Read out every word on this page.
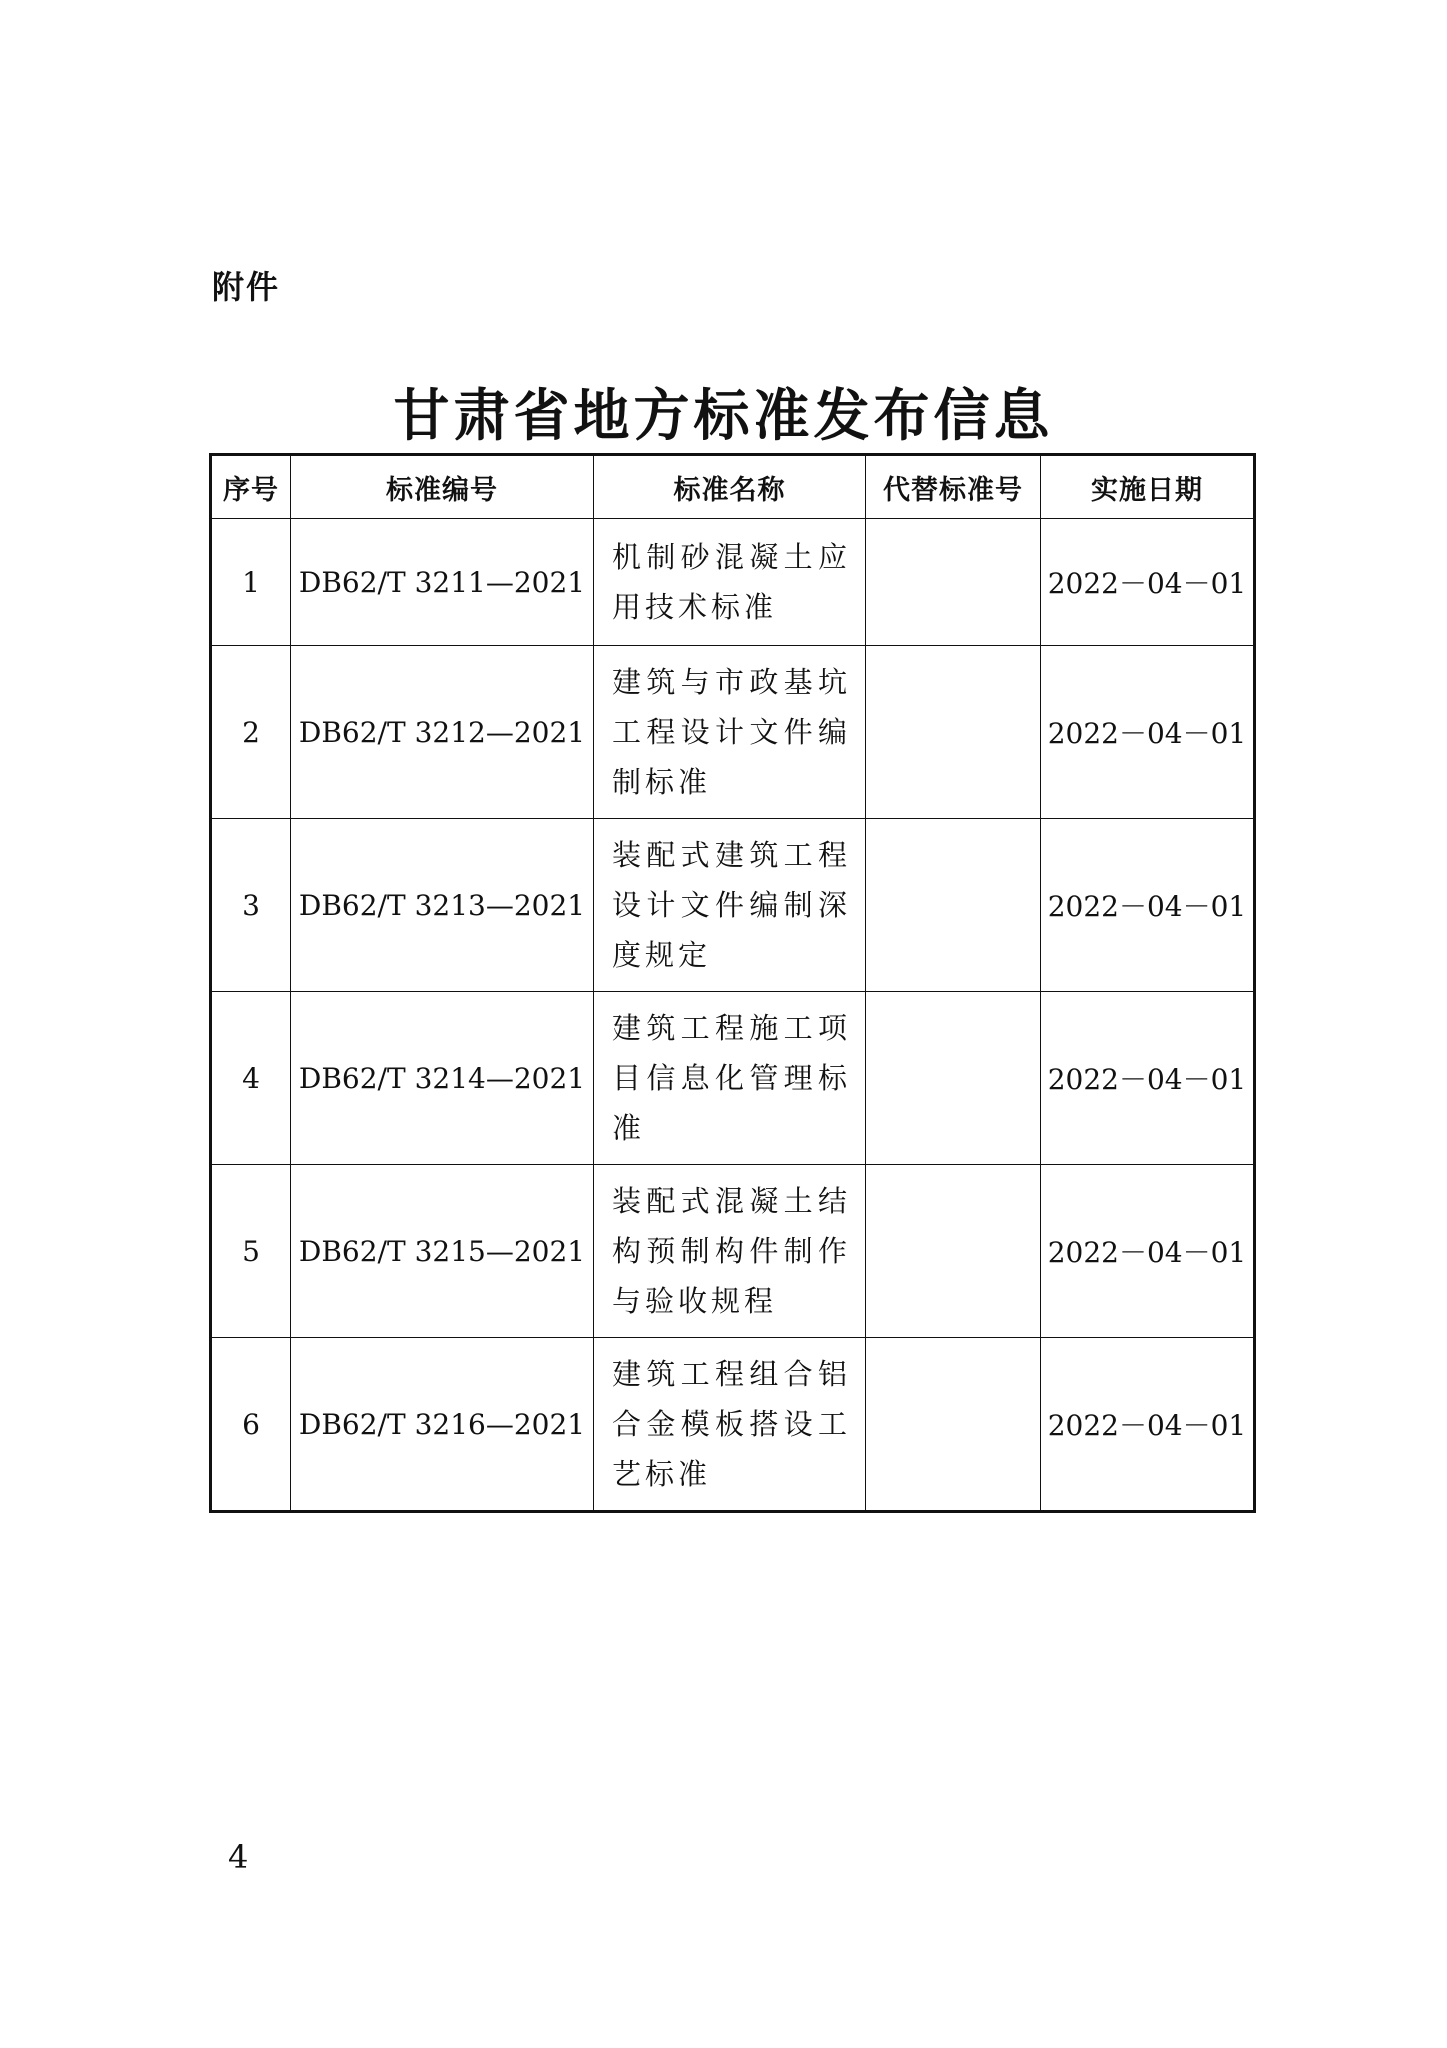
附件
甘肃省地方标准发布信息
序号	标准编号	标准名称	代替标准号	实施日期
1	DB62/T 3211—2021	机制砂混凝土应用技术标准		2022－04－01
2	DB62/T 3212—2021	建筑与市政基坑工程设计文件编制标准		2022－04－01
3	DB62/T 3213—2021	装配式建筑工程设计文件编制深度规定		2022－04－01
4	DB62/T 3214—2021	建筑工程施工项目信息化管理标准		2022－04－01
5	DB62/T 3215—2021	装配式混凝土结构预制构件制作与验收规程		2022－04－01
6	DB62/T 3216—2021	建筑工程组合铝合金模板搭设工艺标准		2022－04－01
4
